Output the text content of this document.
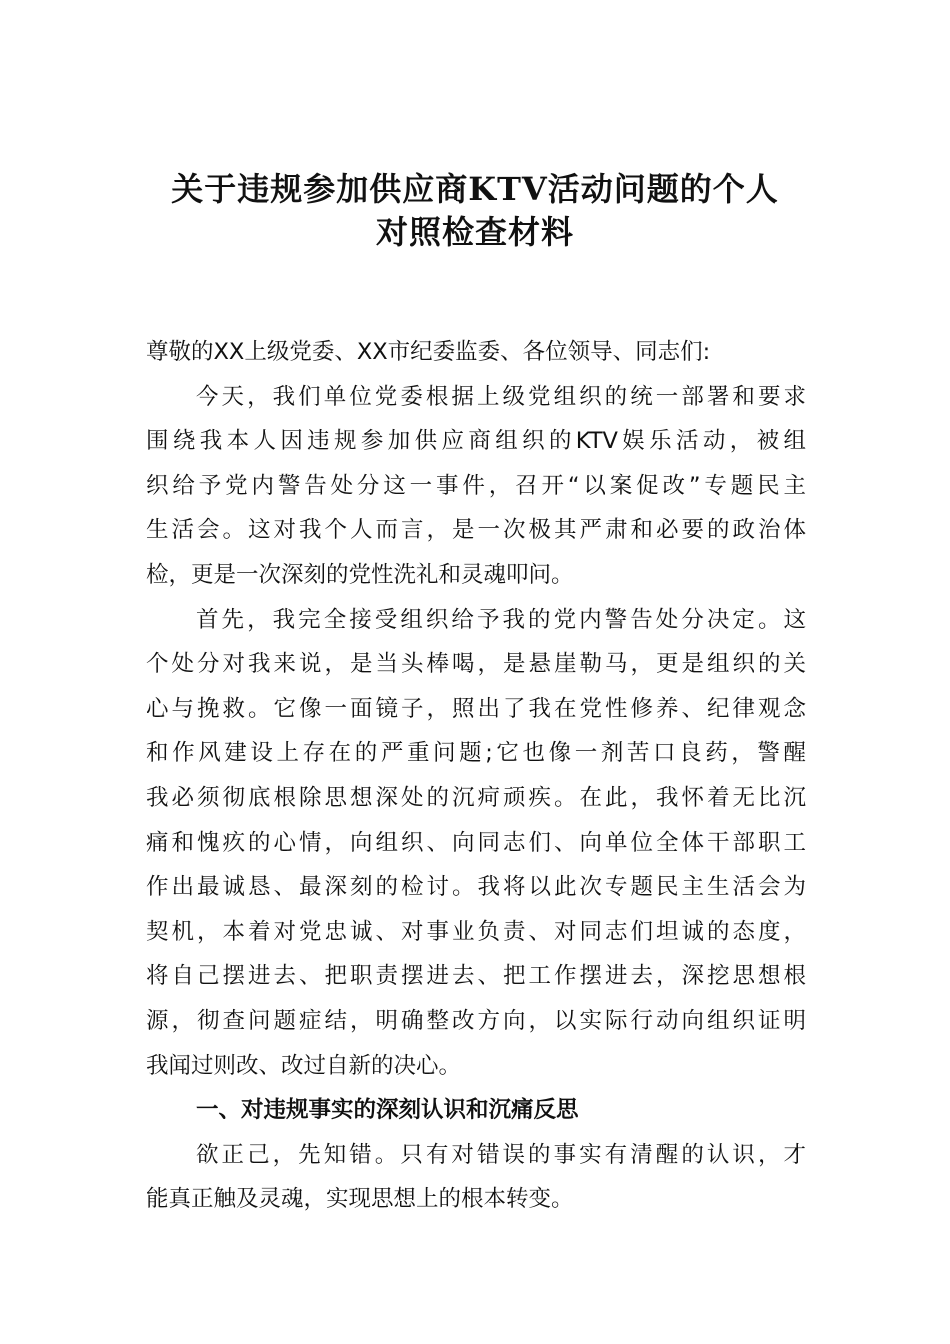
关于违规参加供应商KTV活动问题的个人
对照检查材料
尊敬的XX上级党委、XX市纪委监委、各位领导、同志们:
今天，我们单位党委根据上级党组织的统一部署和要求
围绕我本人因违规参加供应商组织的KTV娱乐活动，被组
织给予党内警告处分这一事件，召开“以案促改”专题民主
生活会。这对我个人而言，是一次极其严肃和必要的政治体
检，更是一次深刻的党性洗礼和灵魂叩问。
首先，我完全接受组织给予我的党内警告处分决定。这
个处分对我来说，是当头棒喝，是悬崖勒马，更是组织的关
心与挽救。它像一面镜子，照出了我在党性修养、纪律观念
和作风建设上存在的严重问题;它也像一剂苦口良药，警醒
我必须彻底根除思想深处的沉疴顽疾。在此，我怀着无比沉
痛和愧疚的心情，向组织、向同志们、向单位全体干部职工
作出最诚恳、最深刻的检讨。我将以此次专题民主生活会为
契机，本着对党忠诚、对事业负责、对同志们坦诚的态度，
将自己摆进去、把职责摆进去、把工作摆进去，深挖思想根
源，彻查问题症结，明确整改方向，以实际行动向组织证明
我闻过则改、改过自新的决心。
一、对违规事实的深刻认识和沉痛反思
欲正己，先知错。只有对错误的事实有清醒的认识，才
能真正触及灵魂，实现思想上的根本转变。
